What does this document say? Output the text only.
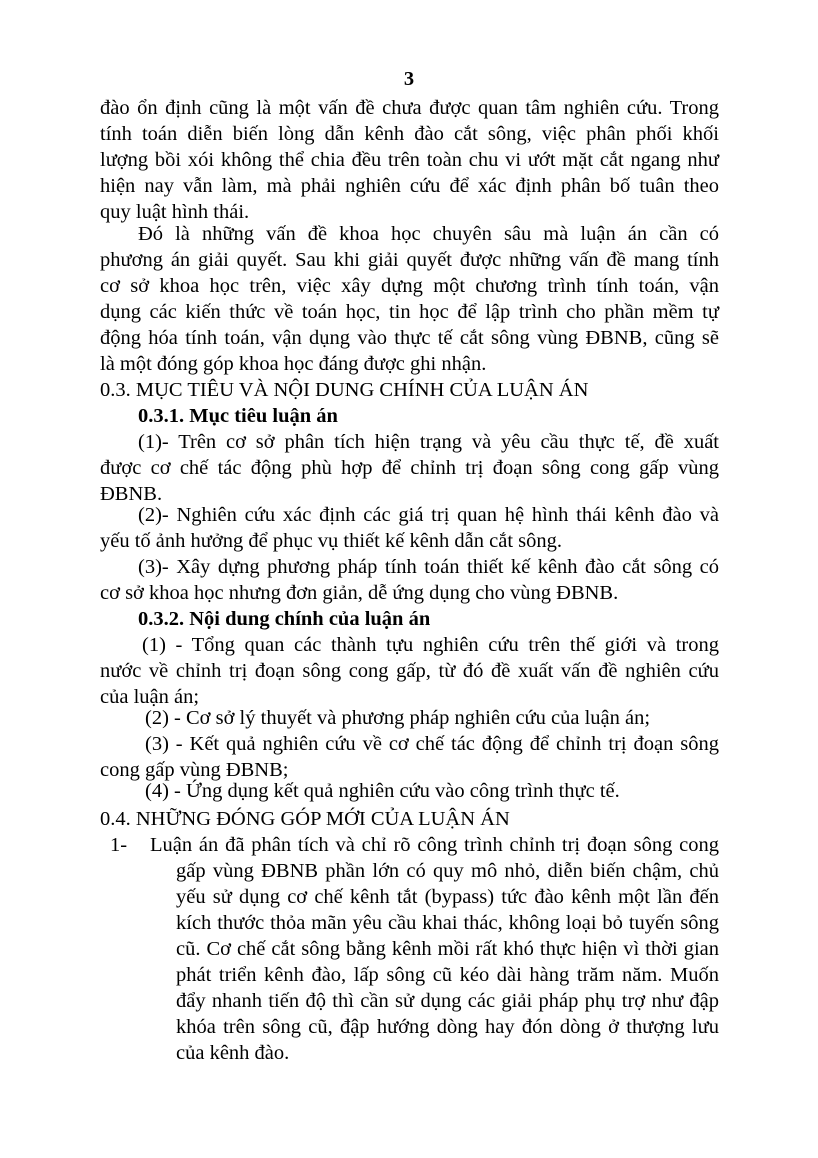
3
đào ổn định cũng là một vấn đề chưa được quan tâm nghiên cứu. Trong
tính toán diễn biến lòng dẫn kênh đào cắt sông, việc phân phối khối
lượng bồi xói không thể chia đều trên toàn chu vi ướt mặt cắt ngang như
hiện nay vẫn làm, mà phải nghiên cứu để xác định phân bố tuân theo
quy luật hình thái.
Đó là những vấn đề khoa học chuyên sâu mà luận án cần có
phương án giải quyết. Sau khi giải quyết được những vấn đề mang tính
cơ sở khoa học trên, việc xây dựng một chương trình tính toán, vận
dụng các kiến thức về toán học, tin học để lập trình cho phần mềm tự
động hóa tính toán, vận dụng vào thực tế cắt sông vùng ĐBNB, cũng sẽ
là một đóng góp khoa học đáng được ghi nhận.
0.3. MỤC TIÊU VÀ NỘI DUNG CHÍNH CỦA LUẬN ÁN
0.3.1. Mục tiêu luận án
(1)- Trên cơ sở phân tích hiện trạng và yêu cầu thực tế, đề xuất
được cơ chế tác động phù hợp để chỉnh trị đoạn sông cong gấp vùng
ĐBNB.
(2)- Nghiên cứu xác định các giá trị quan hệ hình thái kênh đào và
yếu tố ảnh hưởng để phục vụ thiết kế kênh dẫn cắt sông.
(3)- Xây dựng phương pháp tính toán thiết kế kênh đào cắt sông có
cơ sở khoa học nhưng đơn giản, dễ ứng dụng cho vùng ĐBNB.
0.3.2. Nội dung chính của luận án
(1) - Tổng quan các thành tựu nghiên cứu trên thế giới và trong
nước về chỉnh trị đoạn sông cong gấp, từ đó đề xuất vấn đề nghiên cứu
của luận án;
(2) - Cơ sở lý thuyết và phương pháp nghiên cứu của luận án;
(3) - Kết quả nghiên cứu về cơ chế tác động để chỉnh trị đoạn sông
cong gấp vùng ĐBNB;
(4) - Ứng dụng kết quả nghiên cứu vào công trình thực tế.
0.4. NHỮNG ĐÓNG GÓP MỚI CỦA LUẬN ÁN
1- Luận án đã phân tích và chỉ rõ công trình chỉnh trị đoạn sông cong
gấp vùng ĐBNB phần lớn có quy mô nhỏ, diễn biến chậm, chủ
yếu sử dụng cơ chế kênh tắt (bypass) tức đào kênh một lần đến
kích thước thỏa mãn yêu cầu khai thác, không loại bỏ tuyến sông
cũ. Cơ chế cắt sông bằng kênh mồi rất khó thực hiện vì thời gian
phát triển kênh đào, lấp sông cũ kéo dài hàng trăm năm. Muốn
đẩy nhanh tiến độ thì cần sử dụng các giải pháp phụ trợ như đập
khóa trên sông cũ, đập hướng dòng hay đón dòng ở thượng lưu
của kênh đào.
